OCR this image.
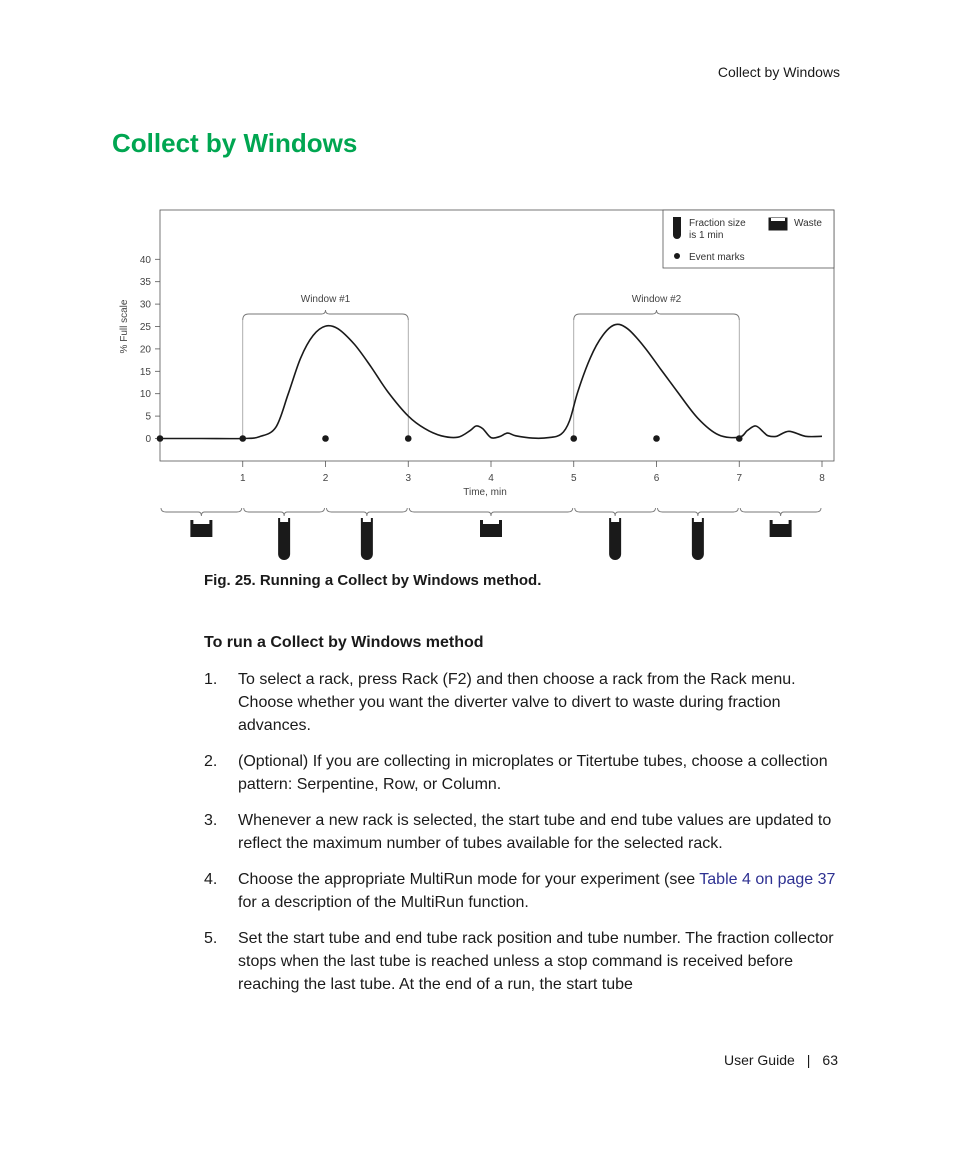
Collect by Windows
Collect by Windows
Fraction size
is 1 min
Waste
Event marks
0
5
10
15
20
25
30
35
40
% Full scale
1	2	3	4	5	6	7	8
Time, min
Window #1	Window #2
Fig. 25. Running a Collect by Windows method.
To run a Collect by Windows method
1. To select a rack, press Rack (F2) and then choose a rack from the Rack menu. Choose whether you want the diverter valve to divert to waste during fraction advances.
2. (Optional) If you are collecting in microplates or Titertube tubes, choose a collection pattern: Serpentine, Row, or Column.
3. Whenever a new rack is selected, the start tube and end tube values are updated to reflect the maximum number of tubes available for the selected rack.
4. Choose the appropriate MultiRun mode for your experiment (see Table 4 on page 37 for a description of the MultiRun function.
5. Set the start tube and end tube rack position and tube number. The fraction collector stops when the last tube is reached unless a stop command is received before reaching the last tube. At the end of a run, the start tube
User Guide | 63
